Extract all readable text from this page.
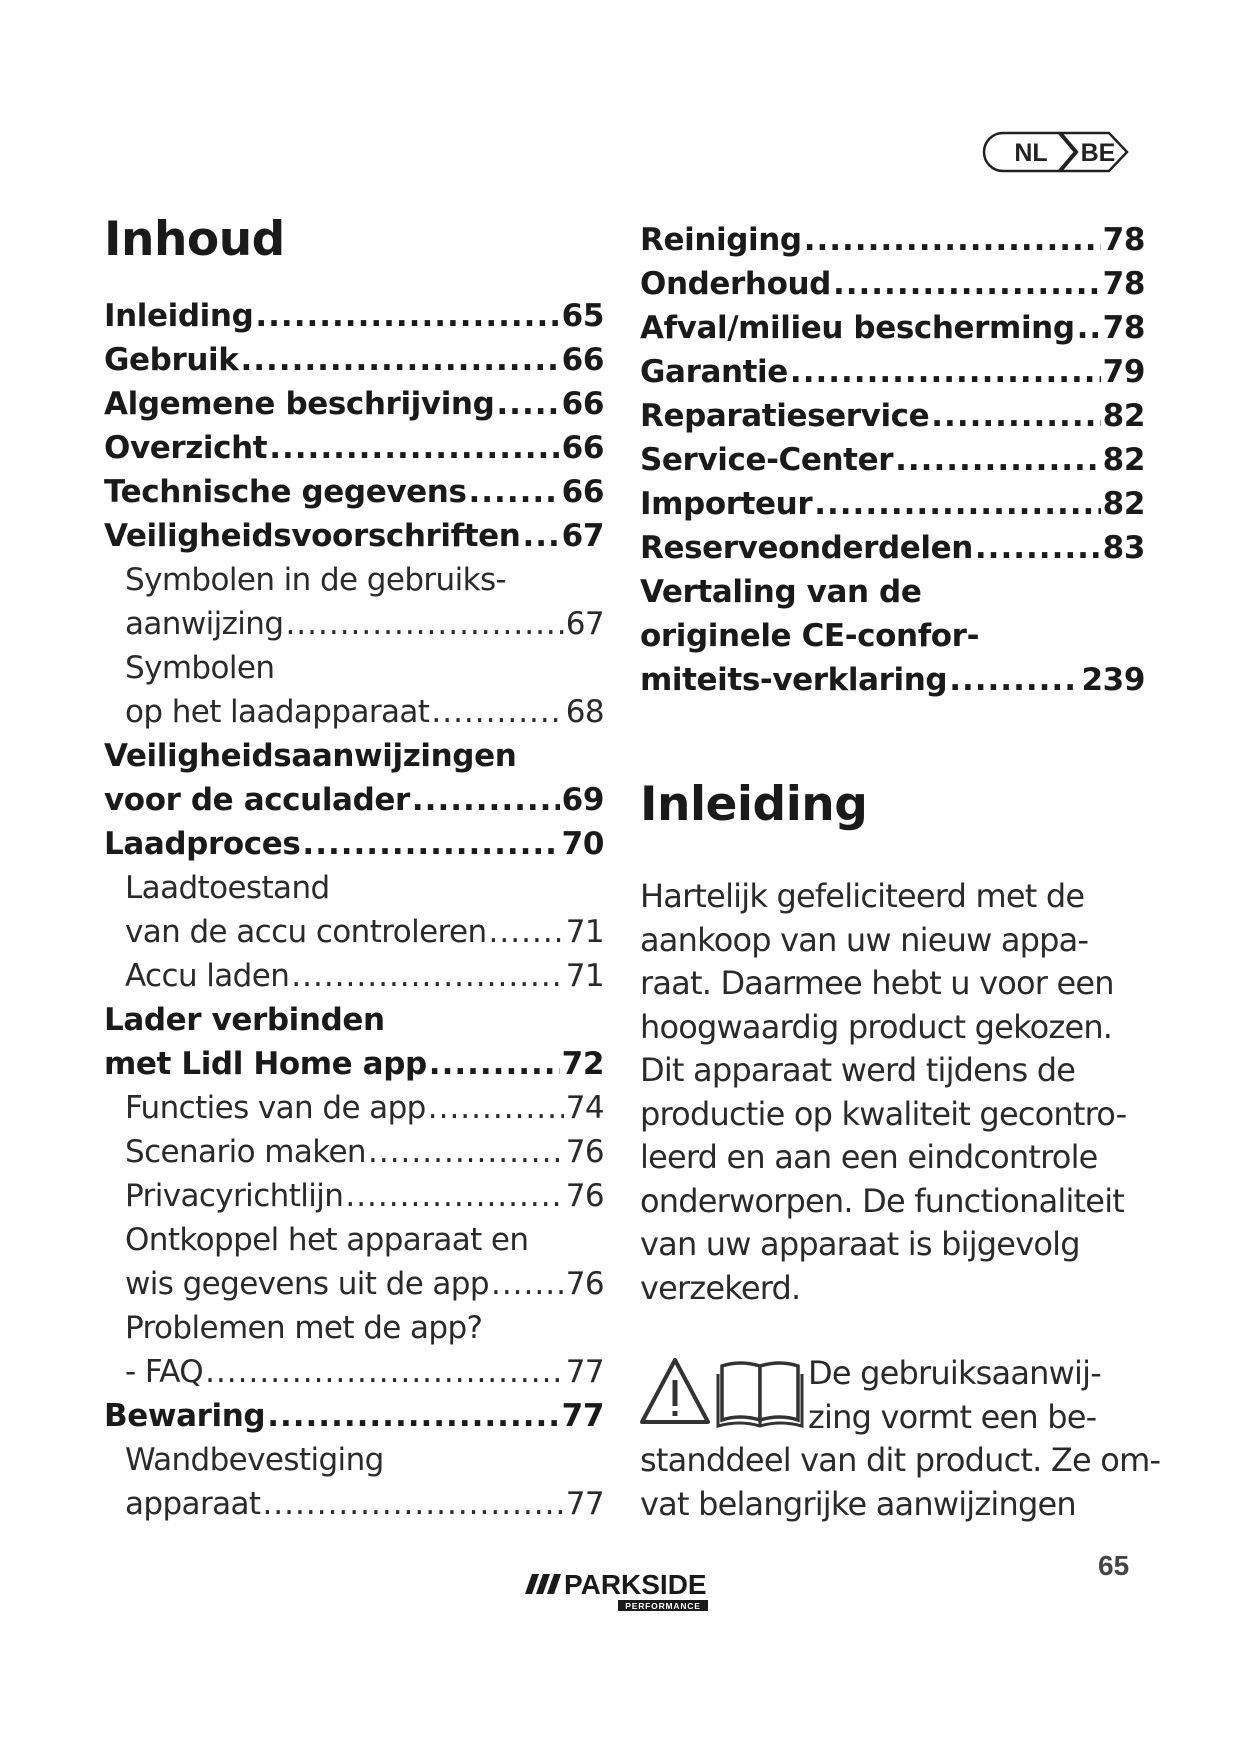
NL BE
Inhoud
Inleiding .....	65
Gebruik .....	66
Algemene beschrijving ..... 66
Overzicht .....	66
Technische gegevens .....	66
Veiligheidsvoorschriften ..... 67
Symbolen in de gebruiks-
aanwijzing .....	67
Symbolen
op het laadapparaat .....	68
Veiligheidsaanwijzingen
voor de acculader .....	69
Laadproces .....	70
Laadtoestand
van de accu controleren .....	71
Accu laden .....	71
Lader verbinden
met Lidl Home app .....	72
Functies van de app .....	74
Scenario maken .....	76
Privacyrichtlijn .....	76
Ontkoppel het apparaat en
wis gegevens uit de app ..... 76
Problemen met de app?
- FAQ .....	77
Bewaring .....	77
Wandbevestiging
apparaat .....	77
Reiniging .....	78
Onderhoud .....	78
Afval/milieu bescherming ..... 78
Garantie .....	79
Reparatieservice .....	82
Service-Center .....	82
Importeur .....	82
Reserveonderdelen .....	83
Vertaling van de
originele CE-confor-
miteits-verklaring .....	239
Inleiding
Hartelijk gefeliciteerd met de
aankoop van uw nieuw appa-
raat. Daarmee hebt u voor een
hoogwaardig product gekozen.
Dit apparaat werd tijdens de
productie op kwaliteit gecontro-
leerd en aan een eindcontrole
onderworpen. De functionaliteit
van uw apparaat is bijgevolg
verzekerd.
De gebruiksaanwij-
zing vormt een be-
standdeel van dit product. Ze om-
vat belangrijke aanwijzingen
PARKSIDE
PERFORMANCE
65
